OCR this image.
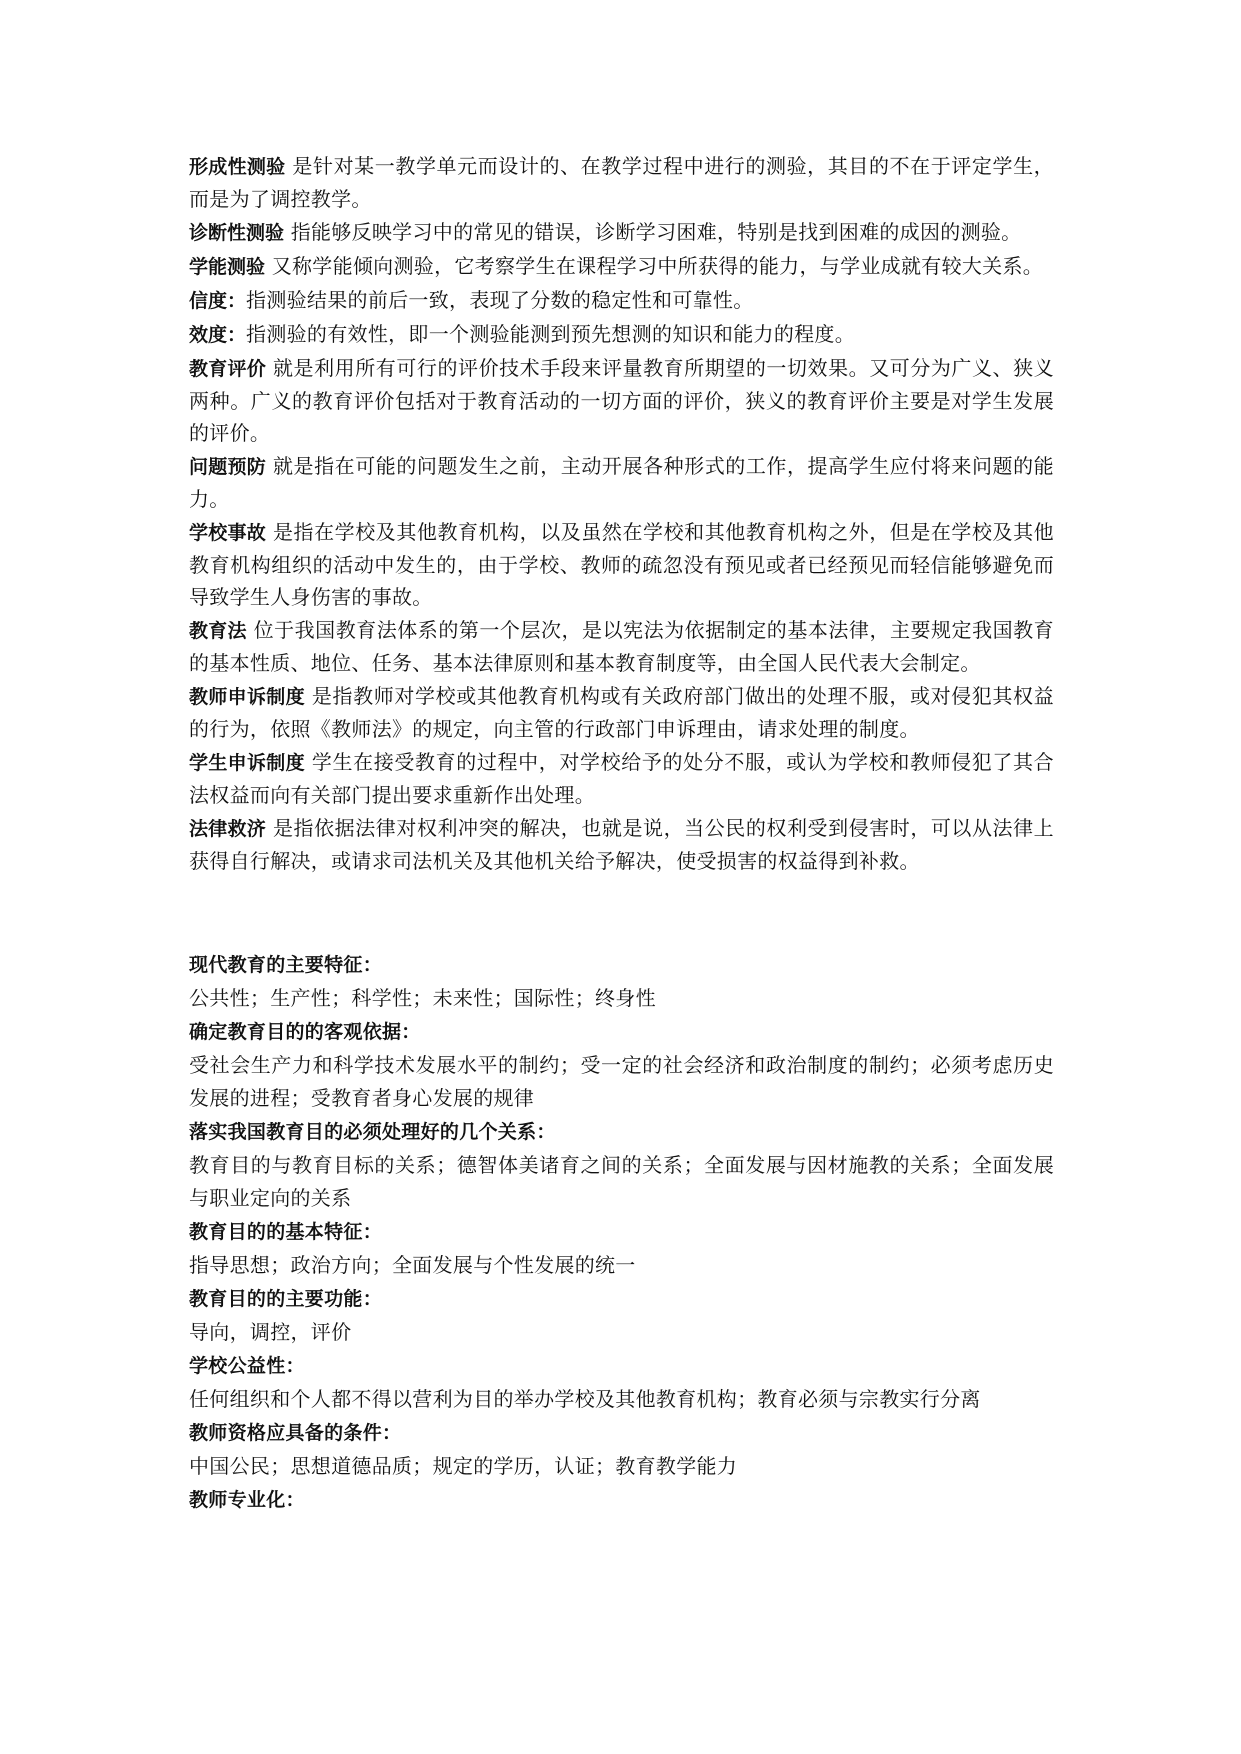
形成性测验 是针对某一教学单元而设计的、在教学过程中进行的测验，其目的不在于评定学生，而是为了调控教学。

诊断性测验 指能够反映学习中的常见的错误，诊断学习困难，特别是找到困难的成因的测验。

学能测验 又称学能倾向测验，它考察学生在课程学习中所获得的能力，与学业成就有较大关系。

信度：指测验结果的前后一致，表现了分数的稳定性和可靠性。

效度：指测验的有效性，即一个测验能测到预先想测的知识和能力的程度。

教育评价 就是利用所有可行的评价技术手段来评量教育所期望的一切效果。又可分为广义、狭义两种。广义的教育评价包括对于教育活动的一切方面的评价，狭义的教育评价主要是对学生发展的评价。

问题预防 就是指在可能的问题发生之前，主动开展各种形式的工作，提高学生应付将来问题的能力。

学校事故 是指在学校及其他教育机构，以及虽然在学校和其他教育机构之外，但是在学校及其他教育机构组织的活动中发生的，由于学校、教师的疏忽没有预见或者已经预见而轻信能够避免而导致学生人身伤害的事故。

教育法 位于我国教育法体系的第一个层次，是以宪法为依据制定的基本法律，主要规定我国教育的基本性质、地位、任务、基本法律原则和基本教育制度等，由全国人民代表大会制定。

教师申诉制度 是指教师对学校或其他教育机构或有关政府部门做出的处理不服，或对侵犯其权益的行为，依照《教师法》的规定，向主管的行政部门申诉理由，请求处理的制度。

学生申诉制度 学生在接受教育的过程中，对学校给予的处分不服，或认为学校和教师侵犯了其合法权益而向有关部门提出要求重新作出处理。

法律救济 是指依据法律对权利冲突的解决，也就是说，当公民的权利受到侵害时，可以从法律上获得自行解决，或请求司法机关及其他机关给予解决，使受损害的权益得到补救。

现代教育的主要特征：

公共性；生产性；科学性；未来性；国际性；终身性

确定教育目的的客观依据：

受社会生产力和科学技术发展水平的制约；受一定的社会经济和政治制度的制约；必须考虑历史发展的进程；受教育者身心发展的规律

落实我国教育目的必须处理好的几个关系：

教育目的与教育目标的关系；德智体美诸育之间的关系；全面发展与因材施教的关系；全面发展与职业定向的关系

教育目的的基本特征：

指导思想；政治方向；全面发展与个性发展的统一

教育目的的主要功能：

导向，调控，评价

学校公益性：

任何组织和个人都不得以营利为目的举办学校及其他教育机构；教育必须与宗教实行分离

教师资格应具备的条件：

中国公民；思想道德品质；规定的学历，认证；教育教学能力

教师专业化：
